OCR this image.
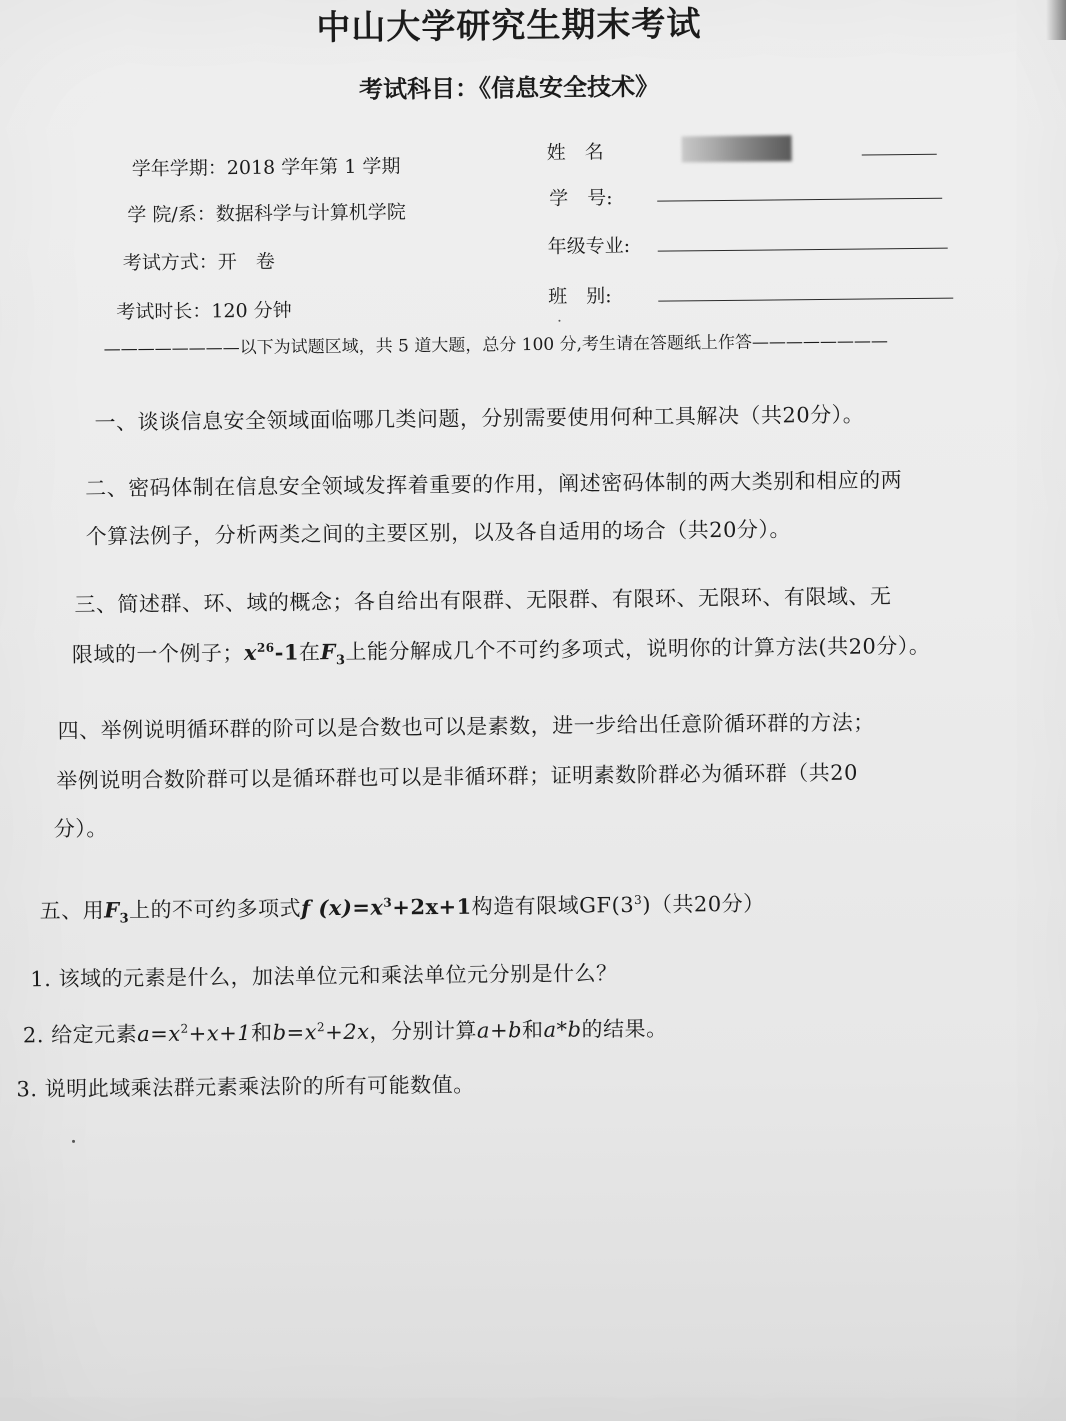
中山大学研究生期末考试
考试科目：《信息安全技术》
学年学期：2018 学年第 1 学期
学 院/系：数据科学与计算机学院
考试方式：开　卷
考试时长：120 分钟
姓　名
学　号:
年级专业:
班　别:
————————以下为试题区域，共 5 道大题，总分 100 分,考生请在答题纸上作答————————
一、谈谈信息安全领域面临哪几类问题，分别需要使用何种工具解决（共20分）。
二、密码体制在信息安全领域发挥着重要的作用，阐述密码体制的两大类别和相应的两
个算法例子，分析两类之间的主要区别，以及各自适用的场合（共20分）。
三、简述群、环、域的概念；各自给出有限群、无限群、有限环、无限环、有限域、无
限域的一个例子；$x^{26}-1$在$F_3$上能分解成几个不可约多项式，说明你的计算方法(共20分）。
四、举例说明循环群的阶可以是合数也可以是素数，进一步给出任意阶循环群的方法；
举例说明合数阶群可以是循环群也可以是非循环群；证明素数阶群必为循环群（共20
分）。
五、用$F_3$上的不可约多项式f $(x)=x^3+2x+1$构造有限域$GF(3^3)$（共20分）
1. 该域的元素是什么，加法单位元和乘法单位元分别是什么？
2. 给定元素$a=x^2+x+1$和$b=x^2+2x$，分别计算a+b和a*b的结果。
3. 说明此域乘法群元素乘法阶的所有可能数值。
